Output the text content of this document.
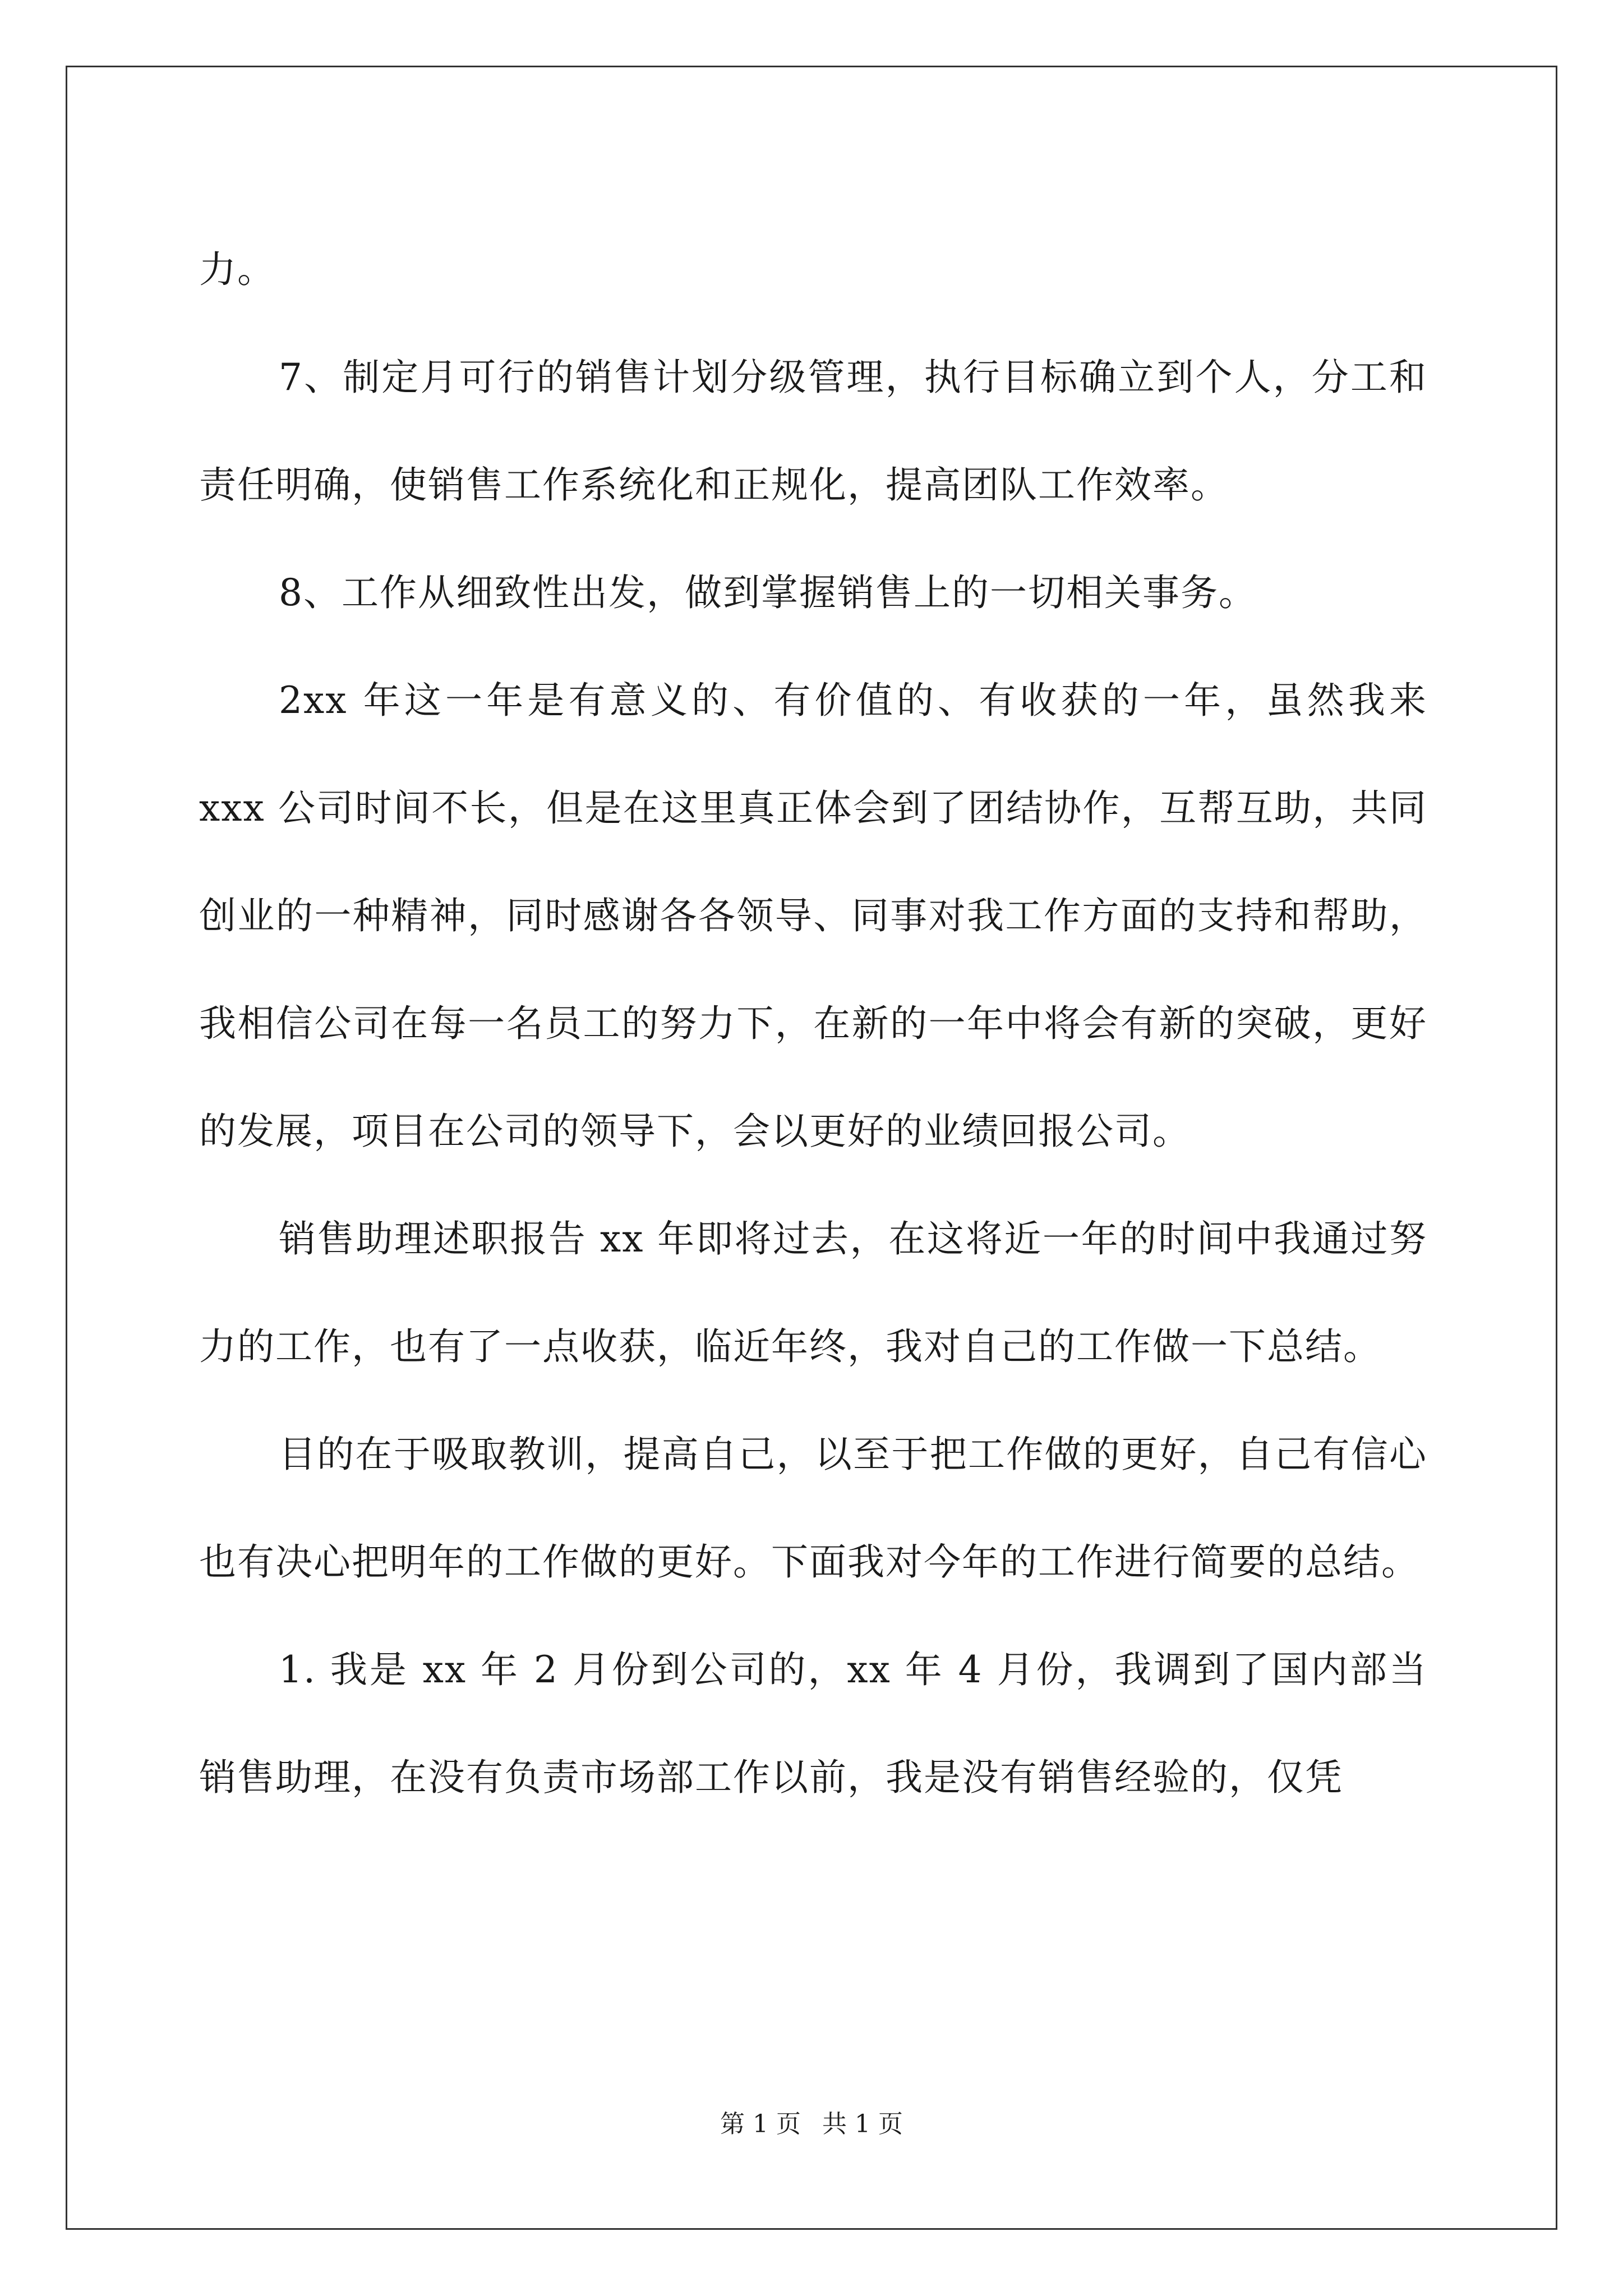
力。

7、制定月可行的销售计划分级管理，执行目标确立到个人，分工和责任明确，使销售工作系统化和正规化，提高团队工作效率。

8、工作从细致性出发，做到掌握销售上的一切相关事务。

2xx 年这一年是有意义的、有价值的、有收获的一年，虽然我来 xxx 公司时间不长，但是在这里真正体会到了团结协作，互帮互助，共同创业的一种精神，同时感谢各各领导、同事对我工作方面的支持和帮助，我相信公司在每一名员工的努力下，在新的一年中将会有新的突破，更好的发展，项目在公司的领导下，会以更好的业绩回报公司。

销售助理述职报告 xx 年即将过去，在这将近一年的时间中我通过努力的工作，也有了一点收获，临近年终，我对自己的工作做一下总结。

目的在于吸取教训，提高自己，以至于把工作做的更好，自己有信心也有决心把明年的工作做的更好。下面我对今年的工作进行简要的总结。

1. 我是 xx 年 2 月份到公司的，xx 年 4 月份，我调到了国内部当销售助理，在没有负责市场部工作以前，我是没有销售经验的，仅凭

第 1 页 共 1 页
